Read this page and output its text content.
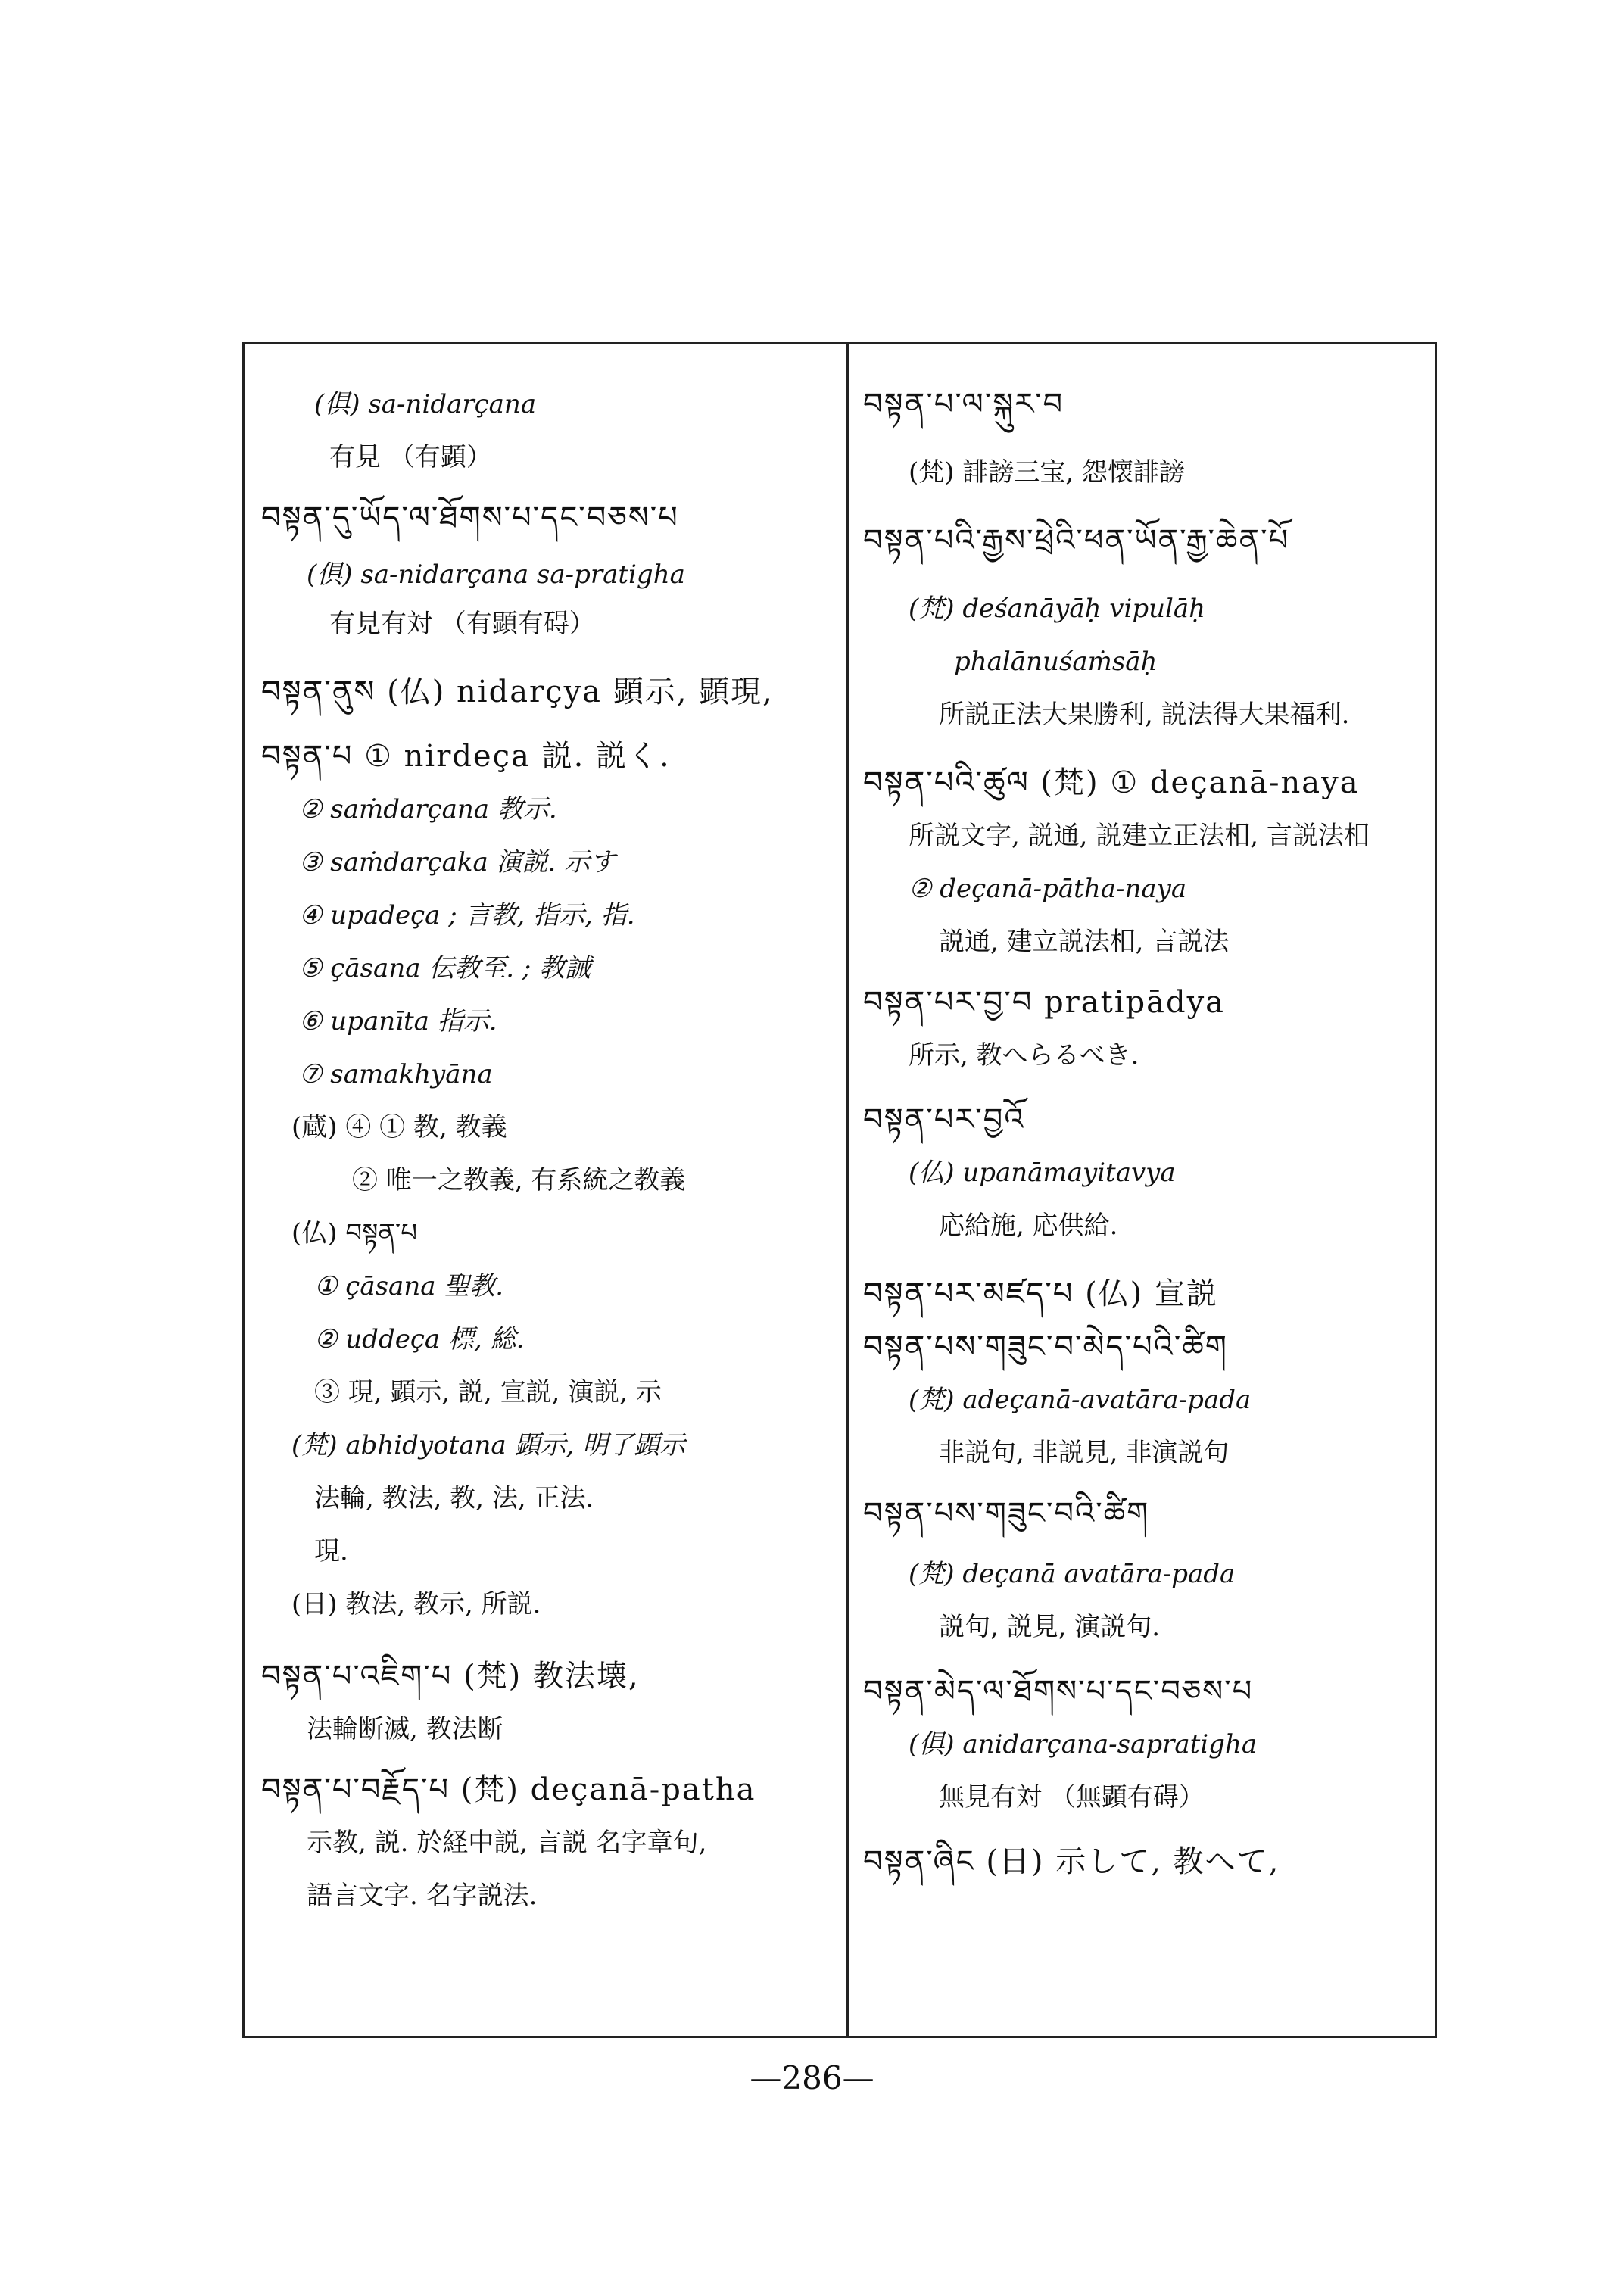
(俱) sa-nidarçana
有見 （有顕）
བསྟན་དུ་ཡོད་ལ་ཐོགས་པ་དང་བཅས་པ
(俱) sa-nidarçana sa-pratigha
有見有対 （有顕有碍）
བསྟན་ནུས (仏) nidarçya 顕示, 顕現,
བསྟན་པ ① nirdeça 説. 説く.
② saṁdarçana 教示.
③ saṁdarçaka 演説. 示す
④ upadeça ; 言教, 指示, 指.
⑤ çāsana 伝教至. ; 教誡
⑥ upanīta 指示.
⑦ samakhyāna
(蔵) ④ ① 教, 教義
② 唯一之教義, 有系統之教義
(仏) བསྟན་པ
① çāsana 聖教.
② uddeça 標, 総.
③ 現, 顕示, 説, 宣説, 演説, 示
(梵) abhidyotana 顕示, 明了顕示
法輪, 教法, 教, 法, 正法.
現.
(日) 教法, 教示, 所説.
བསྟན་པ་འཇིག་པ (梵) 教法壊,
法輪断滅, 教法断
བསྟན་པ་བརྗོད་པ (梵) deçanā-patha
示教, 説. 於経中説, 言説 名字章句,
語言文字. 名字説法.
བསྟན་པ་ལ་སྐུར་བ
(梵) 誹謗三宝, 怨懐誹謗
བསྟན་པའི་རྒྱས་ཕྲེའི་ཕན་ཡོན་རྒྱ་ཆེན་པོ
(梵) deśanāyāḥ vipulāḥ
phalānuśaṁsāḥ
所説正法大果勝利, 説法得大果福利.
བསྟན་པའི་ཚུལ (梵) ① deçanā-naya
所説文字, 説通, 説建立正法相, 言説法相
② deçanā-pātha-naya
説通, 建立説法相, 言説法
བསྟན་པར་བྱ་བ pratipādya
所示, 教へらるべき.
བསྟན་པར་བྱའོ
(仏) upanāmayitavya
応給施, 応供給.
བསྟན་པར་མཛད་པ (仏) 宣説
བསྟན་པས་གཟུང་བ་མེད་པའི་ཚིག
(梵) adeçanā-avatāra-pada
非説句, 非説見, 非演説句
བསྟན་པས་གཟུང་བའི་ཚིག
(梵) deçanā avatāra-pada
説句, 説見, 演説句.
བསྟན་མེད་ལ་ཐོགས་པ་དང་བཅས་པ
(俱) anidarçana-sapratigha
無見有対 （無顕有碍）
བསྟན་ཞིང (日) 示して, 教へて,
—286—
